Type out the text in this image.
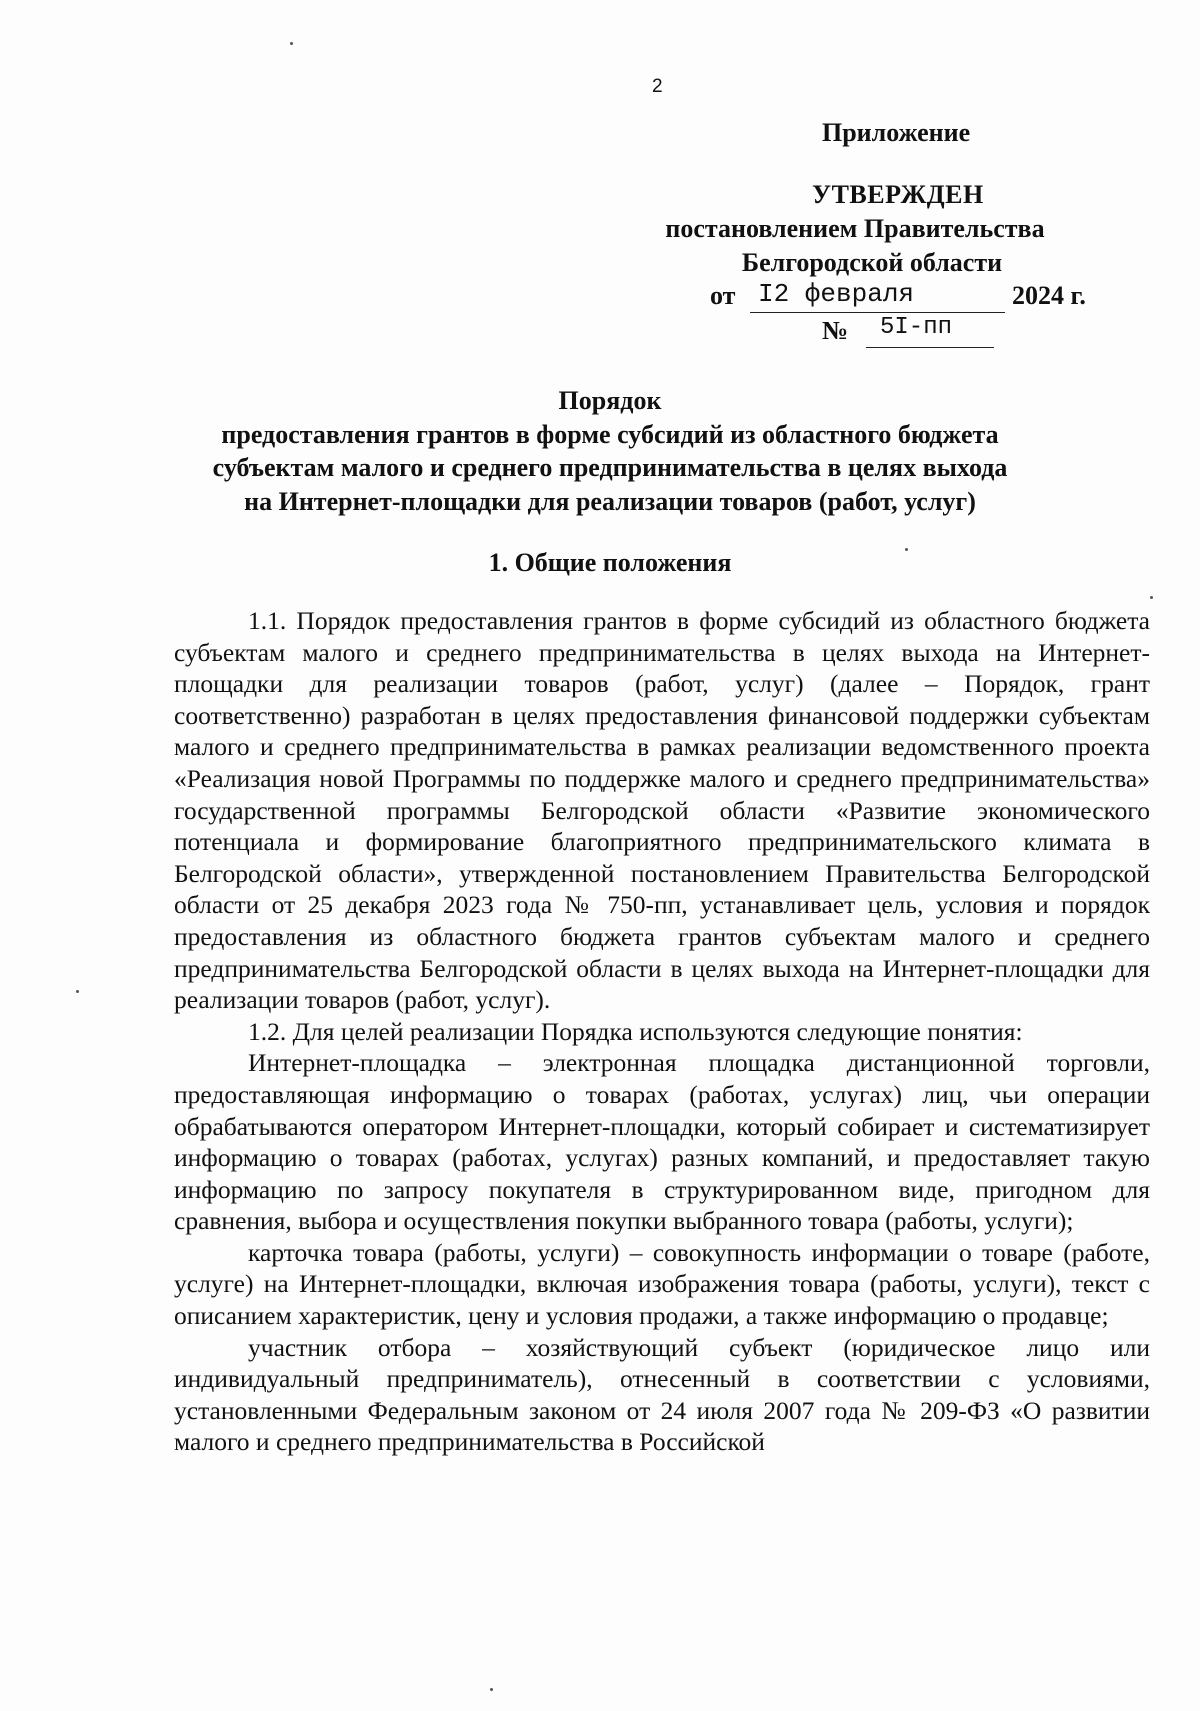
2
Приложение
УТВЕРЖДЕН
постановлением Правительства
Белгородской области
от I2 февраля	2024 г.
№	5I-пп
Порядок
предоставления грантов в форме субсидий из областного бюджета
субъектам малого и среднего предпринимательства в целях выхода
на Интернет-площадки для реализации товаров (работ, услуг)
1. Общие положения

1.1. Порядок предоставления грантов в форме субсидий из областного бюджета субъектам малого и среднего предпринимательства в целях выхода на Интернет-площадки для реализации товаров (работ, услуг) (далее – Порядок, грант соответственно) разработан в целях предоставления финансовой поддержки субъектам малого и среднего предпринимательства в рамках реализации ведомственного проекта «Реализация новой Программы по поддержке малого и среднего предпринимательства» государственной программы Белгородской области «Развитие экономического потенциала и формирование благоприятного предпринимательского климата в Белгородской области», утвержденной постановлением Правительства Белгородской области от 25 декабря 2023 года № 750-пп, устанавливает цель, условия и порядок предоставления из областного бюджета грантов субъектам малого и среднего предпринимательства Белгородской области в целях выхода на Интернет-площадки для реализации товаров (работ, услуг).

1.2. Для целей реализации Порядка используются следующие понятия:

Интернет-площадка – электронная площадка дистанционной торговли, предоставляющая информацию о товарах (работах, услугах) лиц, чьи операции обрабатываются оператором Интернет-площадки, который собирает и систематизирует информацию о товарах (работах, услугах) разных компаний, и предоставляет такую информацию по запросу покупателя в структурированном виде, пригодном для сравнения, выбора и осуществления покупки выбранного товара (работы, услуги);

карточка товара (работы, услуги) – совокупность информации о товаре (работе, услуге) на Интернет-площадки, включая изображения товара (работы, услуги), текст с описанием характеристик, цену и условия продажи, а также информацию о продавце;

участник отбора – хозяйствующий субъект (юридическое лицо или индивидуальный предприниматель), отнесенный в соответствии с условиями, установленными Федеральным законом от 24 июля 2007 года № 209-ФЗ «О развитии малого и среднего предпринимательства в Российской
